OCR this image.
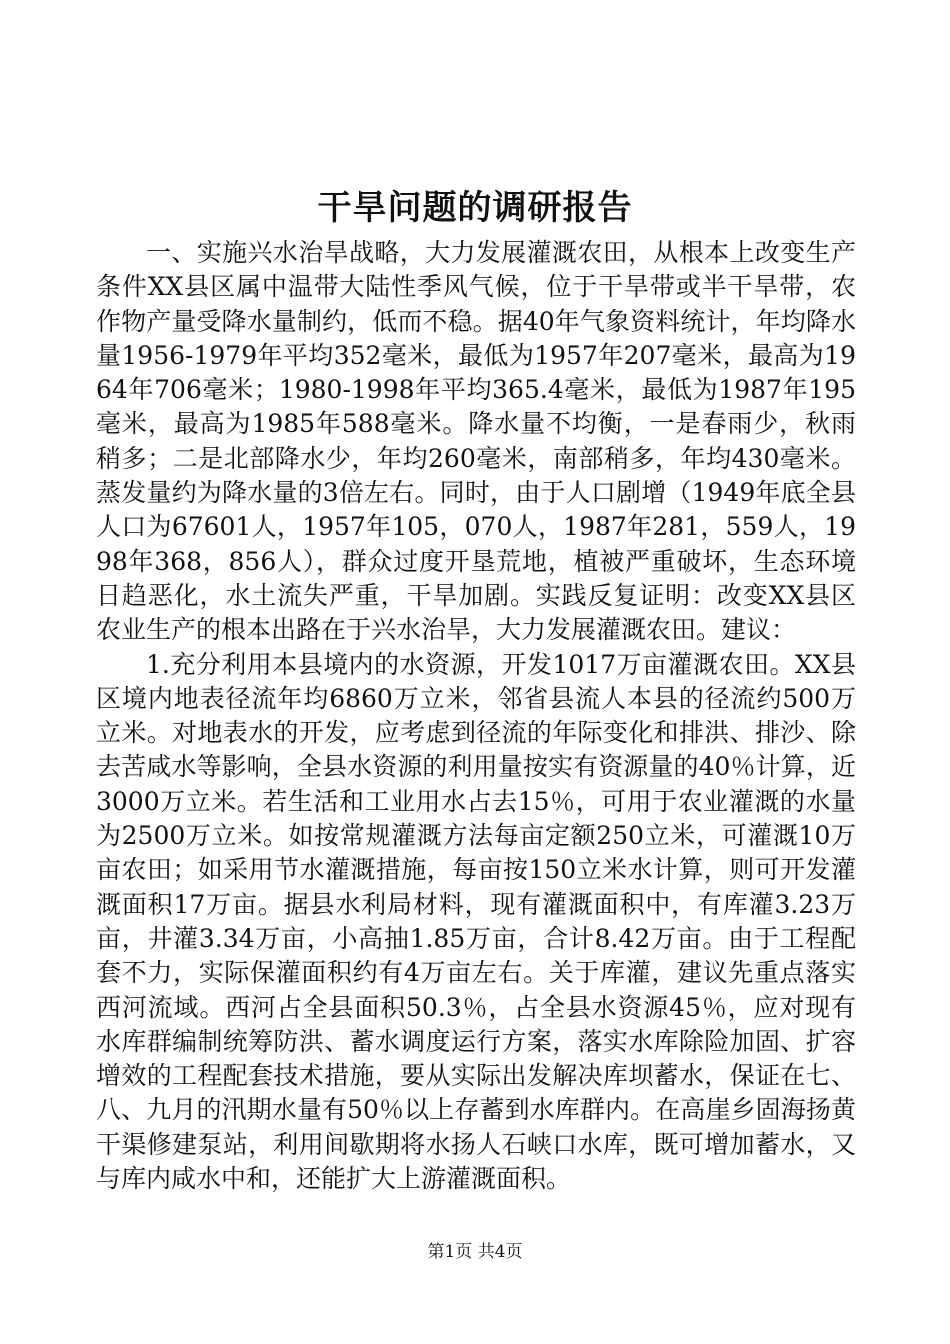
干旱问题的调研报告

一、实施兴水治旱战略，大力发展灌溉农田，从根本上改变生产条件XX县区属中温带大陆性季风气候，位于干旱带或半干旱带，农作物产量受降水量制约，低而不稳。据40年气象资料统计，年均降水量1956-1979年平均352毫米，最低为1957年207毫米，最高为1964年706毫米；1980-1998年平均365.4毫米，最低为1987年195毫米，最高为1985年588毫米。降水量不均衡，一是春雨少，秋雨稍多；二是北部降水少，年均260毫米，南部稍多，年均430毫米。蒸发量约为降水量的3倍左右。同时，由于人口剧增（1949年底全县人口为67601人，1957年105，070人，1987年281，559人，1998年368，856人），群众过度开垦荒地，植被严重破坏，生态环境日趋恶化，水土流失严重，干旱加剧。实践反复证明：改变XX县区农业生产的根本出路在于兴水治旱，大力发展灌溉农田。建议：

1.充分利用本县境内的水资源，开发1017万亩灌溉农田。XX县区境内地表径流年均6860万立米，邻省县流人本县的径流约500万立米。对地表水的开发，应考虑到径流的年际变化和排洪、排沙、除去苦咸水等影响，全县水资源的利用量按实有资源量的40％计算，近3000万立米。若生活和工业用水占去15％，可用于农业灌溉的水量为2500万立米。如按常规灌溉方法每亩定额250立米，可灌溉10万亩农田；如采用节水灌溉措施，每亩按150立米水计算，则可开发灌溉面积17万亩。据县水利局材料，现有灌溉面积中，有库灌3.23万亩，井灌3.34万亩，小高抽1.85万亩，合计8.42万亩。由于工程配套不力，实际保灌面积约有4万亩左右。关于库灌，建议先重点落实西河流域。西河占全县面积50.3％，占全县水资源45％，应对现有水库群编制统筹防洪、蓄水调度运行方案，落实水库除险加固、扩容增效的工程配套技术措施，要从实际出发解决库坝蓄水，保证在七、八、九月的汛期水量有50％以上存蓄到水库群内。在高崖乡固海扬黄干渠修建泵站，利用间歇期将水扬人石峡口水库，既可增加蓄水，又与库内咸水中和，还能扩大上游灌溉面积。

第1页 共4页
